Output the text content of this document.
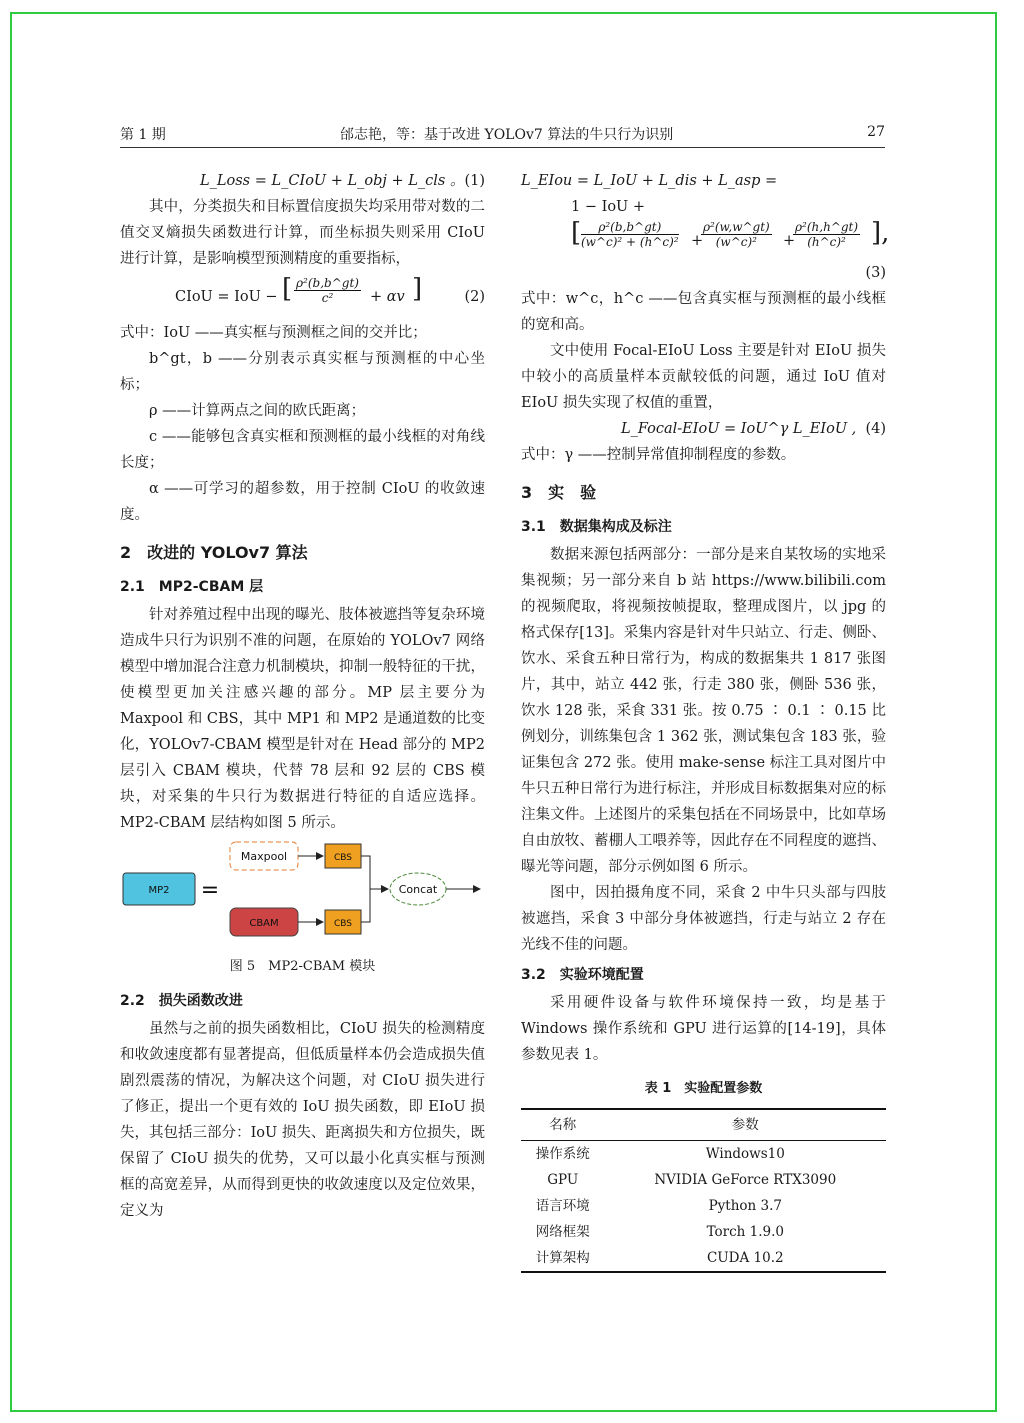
第 1 期	邰志艳，等：基于改进 YOLOv7 算法的牛只行为识别	27
L_Loss = L_CIoU + L_obj + L_cls 。 (1)

其中，分类损失和目标置信度损失均采用带对数的二值交叉熵损失函数进行计算，而坐标损失则采用 CIoU 进行计算，是影响模型预测精度的重要指标，

CIoU = IoU − [ $\frac{\text{ρ²(b,b\textasciicircum{}gt)}}{\text{c²}} + \alpha v$ ]	(2)

式中：IoU ——真实框与预测框之间的交并比；

b^gt，b ——分别表示真实框与预测框的中心坐标；

ρ ——计算两点之间的欧氏距离；

c ——能够包含真实框和预测框的最小线框的对角线长度；

α ——可学习的超参数，用于控制 CIoU 的收敛速度。

2　改进的 YOLOv7 算法
2.1　MP2-CBAM 层

针对养殖过程中出现的曝光、肢体被遮挡等复杂环境造成牛只行为识别不准的问题，在原始的 YOLOv7 网络模型中增加混合注意力机制模块，抑制一般特征的干扰，使模型更加关注感兴趣的部分。MP 层主要分为 Maxpool 和 CBS，其中 MP1 和 MP2 是通道数的比变化，YOLOv7-CBAM 模型是针对在 Head 部分的 MP2 层引入 CBAM 模块，代替 78 层和 92 层的 CBS 模块，对采集的牛只行为数据进行特征的自适应选择。MP2-CBAM 层结构如图 5 所示。

MP2 =
Maxpool
CBAM
CBS
CBS
Concat
图 5　MP2-CBAM 模块
2.2　损失函数改进

虽然与之前的损失函数相比，CIoU 损失的检测精度和收敛速度都有显著提高，但低质量样本仍会造成损失值剧烈震荡的情况，为解决这个问题，对 CIoU 损失进行了修正，提出一个更有效的 IoU 损失函数，即 EIoU 损失，其包括三部分：IoU 损失、距离损失和方位损失，既保留了 CIoU 损失的优势，又可以最小化真实框与预测框的高宽差异，从而得到更快的收敛速度以及定位效果，定义为

L_EIou = L_IoU + L_dis + L_asp =
1 − IoU +
[ $\frac{\text{ρ²(b,b\textasciicircum{}gt)}}{\text{(w\textasciicircum{}c)² + (h\textasciicircum{}c)²}}$ +
$\frac{\text{ρ²(w,w\textasciicircum{}gt)}}{\text{(w\textasciicircum{}c)²}}$ +
$\frac{\text{ρ²(h,h\textasciicircum{}gt)}}{\text{(h\textasciicircum{}c)²}}$ ],
(3)

式中：w^c，h^c ——包含真实框与预测框的最小线框的宽和高。

文中使用 Focal-EIoU Loss 主要是针对 EIoU 损失中较小的高质量样本贡献较低的问题，通过 IoU 值对 EIoU 损失实现了权值的重置，

L_Focal-EIoU = IoU^γ L_EIoU , (4)

式中：γ ——控制异常值抑制程度的参数。

3　实　验
3.1　数据集构成及标注

数据来源包括两部分：一部分是来自某牧场的实地采集视频；另一部分来自 b 站 https://www.bilibili.com 的视频爬取，将视频按帧提取，整理成图片，以 jpg 的格式保存[13]。采集内容是针对牛只站立、行走、侧卧、饮水、采食五种日常行为，构成的数据集共 1 817 张图片，其中，站立 442 张，行走 380 张，侧卧 536 张，饮水 128 张，采食 331 张。按 0.75 ∶ 0.1 ∶ 0.15 比例划分，训练集包含 1 362 张，测试集包含 183 张，验证集包含 272 张。使用 make-sense 标注工具对图片中牛只五种日常行为进行标注，并形成目标数据集对应的标注集文件。上述图片的采集包括在不同场景中，比如草场自由放牧、蓄棚人工喂养等，因此存在不同程度的遮挡、曝光等问题，部分示例如图 6 所示。

图中，因拍摄角度不同，采食 2 中牛只头部与四肢被遮挡，采食 3 中部分身体被遮挡，行走与站立 2 存在光线不佳的问题。

3.2　实验环境配置

采用硬件设备与软件环境保持一致，均是基于 Windows 操作系统和 GPU 进行运算的[14-19]，具体参数见表 1。

表 1　实验配置参数
名称	参数
操作系统	Windows10
GPU	NVIDIA GeForce RTX3090
语言环境	Python 3.7
网络框架	Torch 1.9.0
计算架构	CUDA 10.2
